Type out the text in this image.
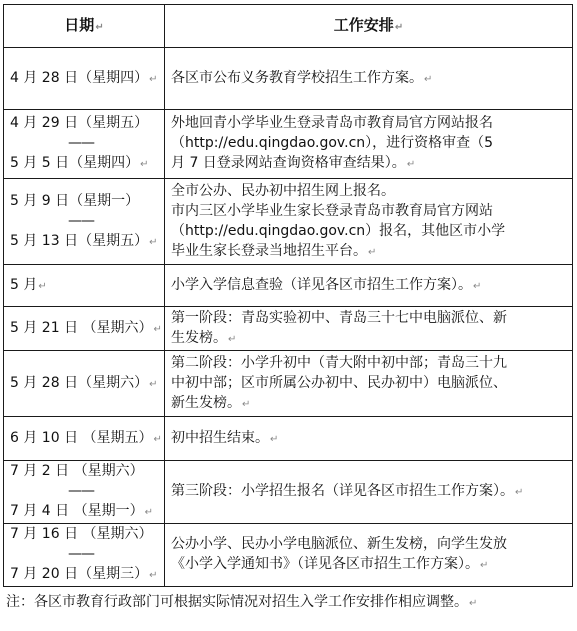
日期↵	工作安排↵

4 月 28 日（星期四）↵	各区市公布义务教育学校招生工作方案。↵

4 月 29 日（星期五）
——
5 月 5 日（星期四）↵	外地回青小学毕业生登录青岛市教育局官方网站报名
（http://edu.qingdao.gov.cn），进行资格审查（5
月 7 日登录网站查询资格审查结果）。↵

5 月 9 日（星期一）
——
5 月 13 日（星期五）↵	全市公办、民办初中招生网上报名。
市内三区小学毕业生家长登录青岛市教育局官方网站
（http://edu.qingdao.gov.cn）报名，其他区市小学
毕业生家长登录当地招生平台。↵

5 月↵	小学入学信息查验（详见各区市招生工作方案）。↵

5 月 21 日 （星期六）↵	第一阶段：青岛实验初中、青岛三十七中电脑派位、新
生发榜。↵

5 月 28 日（星期六）↵	第二阶段：小学升初中（青大附中初中部；青岛三十九
中初中部；区市所属公办初中、民办初中）电脑派位、
新生发榜。↵

6 月 10 日 （星期五）↵	初中招生结束。↵

7 月 2 日 （星期六）
——
7 月 4 日 （星期一）↵	第三阶段：小学招生报名（详见各区市招生工作方案）。↵

7 月 16 日 （星期六）
——
7 月 20 日（星期三）↵	公办小学、民办小学电脑派位、新生发榜，向学生发放
《小学入学通知书》（详见各区市招生工作方案）。↵
注：各区市教育行政部门可根据实际情况对招生入学工作安排作相应调整。↵
